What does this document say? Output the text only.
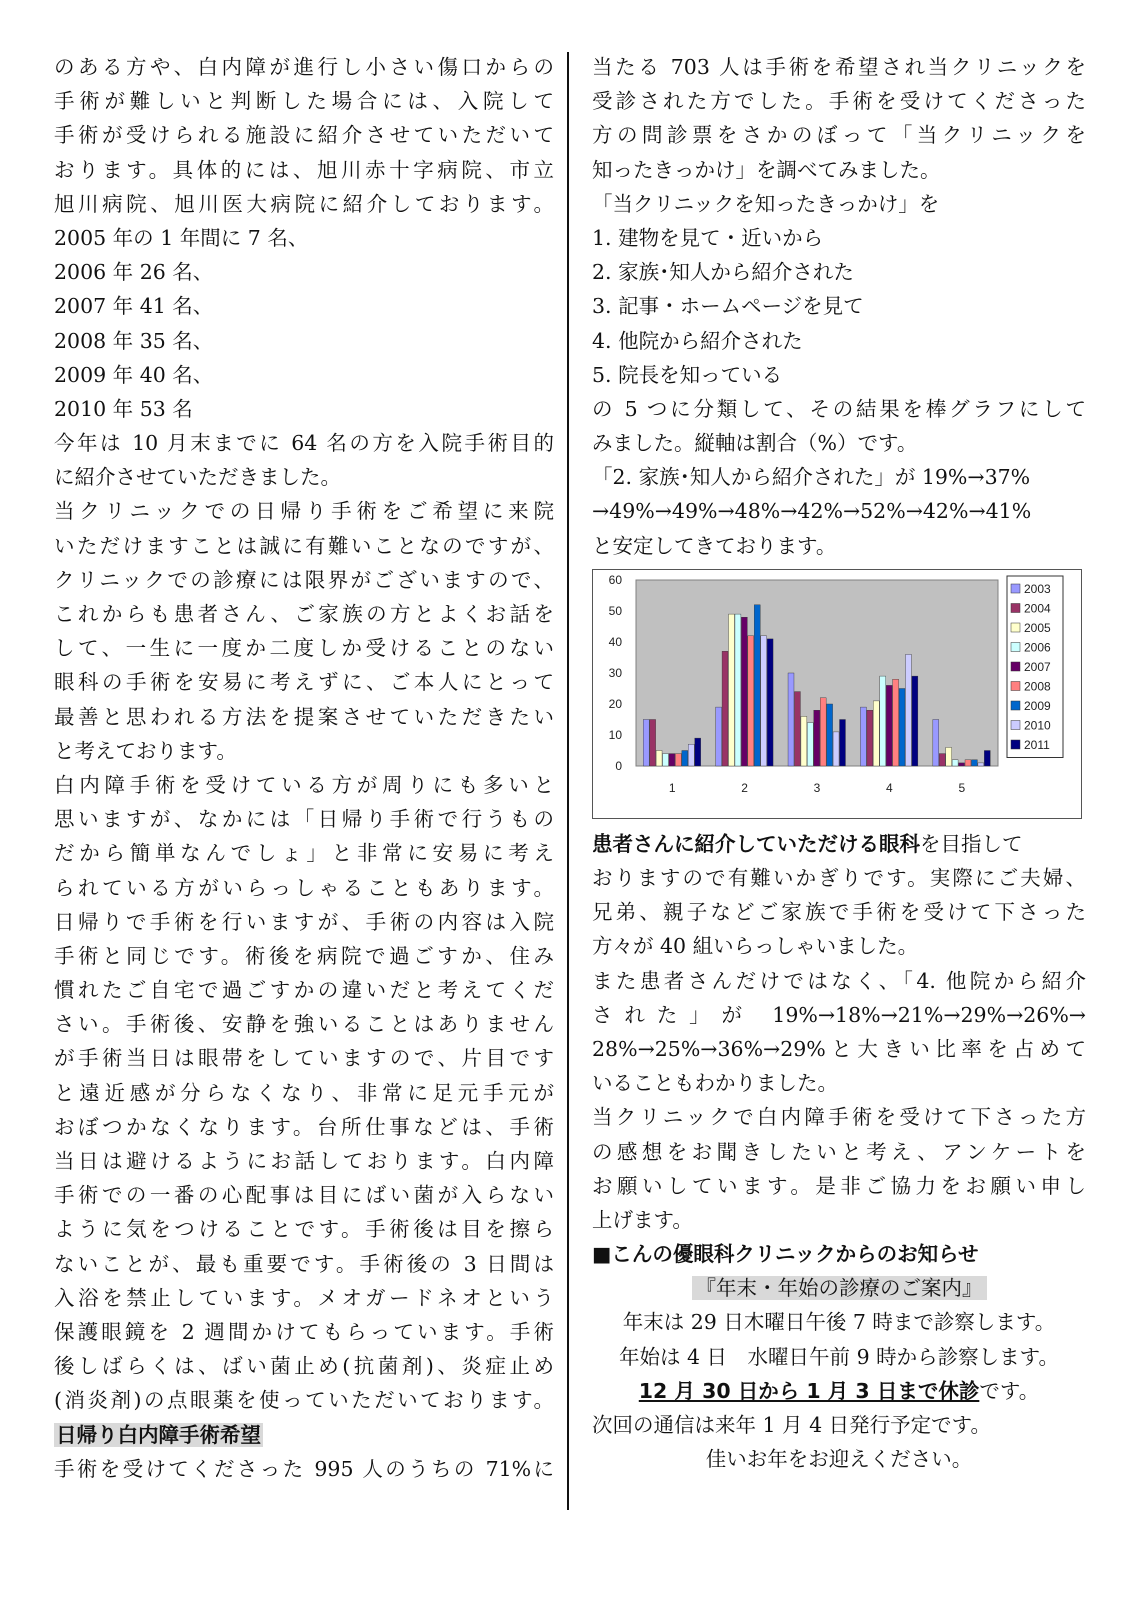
のある方や、白内障が進行し小さい傷口からの
手術が難しいと判断した場合には、入院して
手術が受けられる施設に紹介させていただいて
おります。具体的には、旭川赤十字病院、市立
旭川病院、旭川医大病院に紹介しております。
2005 年の 1 年間に 7 名、
2006 年 26 名、
2007 年 41 名、
2008 年 35 名、
2009 年 40 名、
2010 年 53 名
今年は 10 月末までに 64 名の方を入院手術目的
に紹介させていただきました。
当クリニックでの日帰り手術をご希望に来院
いただけますことは誠に有難いことなのですが、
クリニックでの診療には限界がございますので、
これからも患者さん、ご家族の方とよくお話を
して、一生に一度か二度しか受けることのない
眼科の手術を安易に考えずに、ご本人にとって
最善と思われる方法を提案させていただきたい
と考えております。
白内障手術を受けている方が周りにも多いと
思いますが、なかには「日帰り手術で行うもの
だから簡単なんでしょ」と非常に安易に考え
られている方がいらっしゃることもあります。
日帰りで手術を行いますが、手術の内容は入院
手術と同じです。術後を病院で過ごすか、住み
慣れたご自宅で過ごすかの違いだと考えてくだ
さい。手術後、安静を強いることはありません
が手術当日は眼帯をしていますので、片目です
と遠近感が分らなくなり、非常に足元手元が
おぼつかなくなります。台所仕事などは、手術
当日は避けるようにお話しております。白内障
手術での一番の心配事は目にばい菌が入らない
ように気をつけることです。手術後は目を擦ら
ないことが、最も重要です。手術後の 3 日間は
入浴を禁止しています。メオガードネオという
保護眼鏡を 2 週間かけてもらっています。手術
後しばらくは、ばい菌止め(抗菌剤)、炎症止め
(消炎剤)の点眼薬を使っていただいております。
日帰り白内障手術希望
手術を受けてくださった 995 人のうちの 71%に
当たる 703 人は手術を希望され当クリニックを
受診された方でした。手術を受けてくださった
方の問診票をさかのぼって「当クリニックを
知ったきっかけ」を調べてみました。
「当クリニックを知ったきっかけ」を
1. 建物を見て・近いから
2. 家族･知人から紹介された
3. 記事・ホームページを見て
4. 他院から紹介された
5. 院長を知っている
の 5 つに分類して、その結果を棒グラフにして
みました。縦軸は割合（%）です。
「2. 家族･知人から紹介された」が 19%→37%
→49%→49%→48%→42%→52%→42%→41%
と安定してきております。
0
10
20
30
40
50
60
1	2	3	4	5
2003
2004
2005
2006
2007
2008
2009
2010
2011
患者さんに紹介していただける眼科を目指して
おりますので有難いかぎりです。実際にご夫婦、
兄弟、親子などご家族で手術を受けて下さった
方々が 40 組いらっしゃいました。
また患者さんだけではなく、「4. 他院から紹介
された」が 19%→18%→21%→29%→26%→
28%→25%→36%→29%と大きい比率を占めて
いることもわかりました。
当クリニックで白内障手術を受けて下さった方
の感想をお聞きしたいと考え、アンケートを
お願いしています。是非ご協力をお願い申し
上げます。
■こんの優眼科クリニックからのお知らせ
『年末・年始の診療のご案内』
年末は 29 日木曜日午後 7 時まで診察します。
年始は 4 日　水曜日午前 9 時から診察します。
12 月 30 日から 1 月 3 日まで休診です。
次回の通信は来年 1 月 4 日発行予定です。
佳いお年をお迎えください。
